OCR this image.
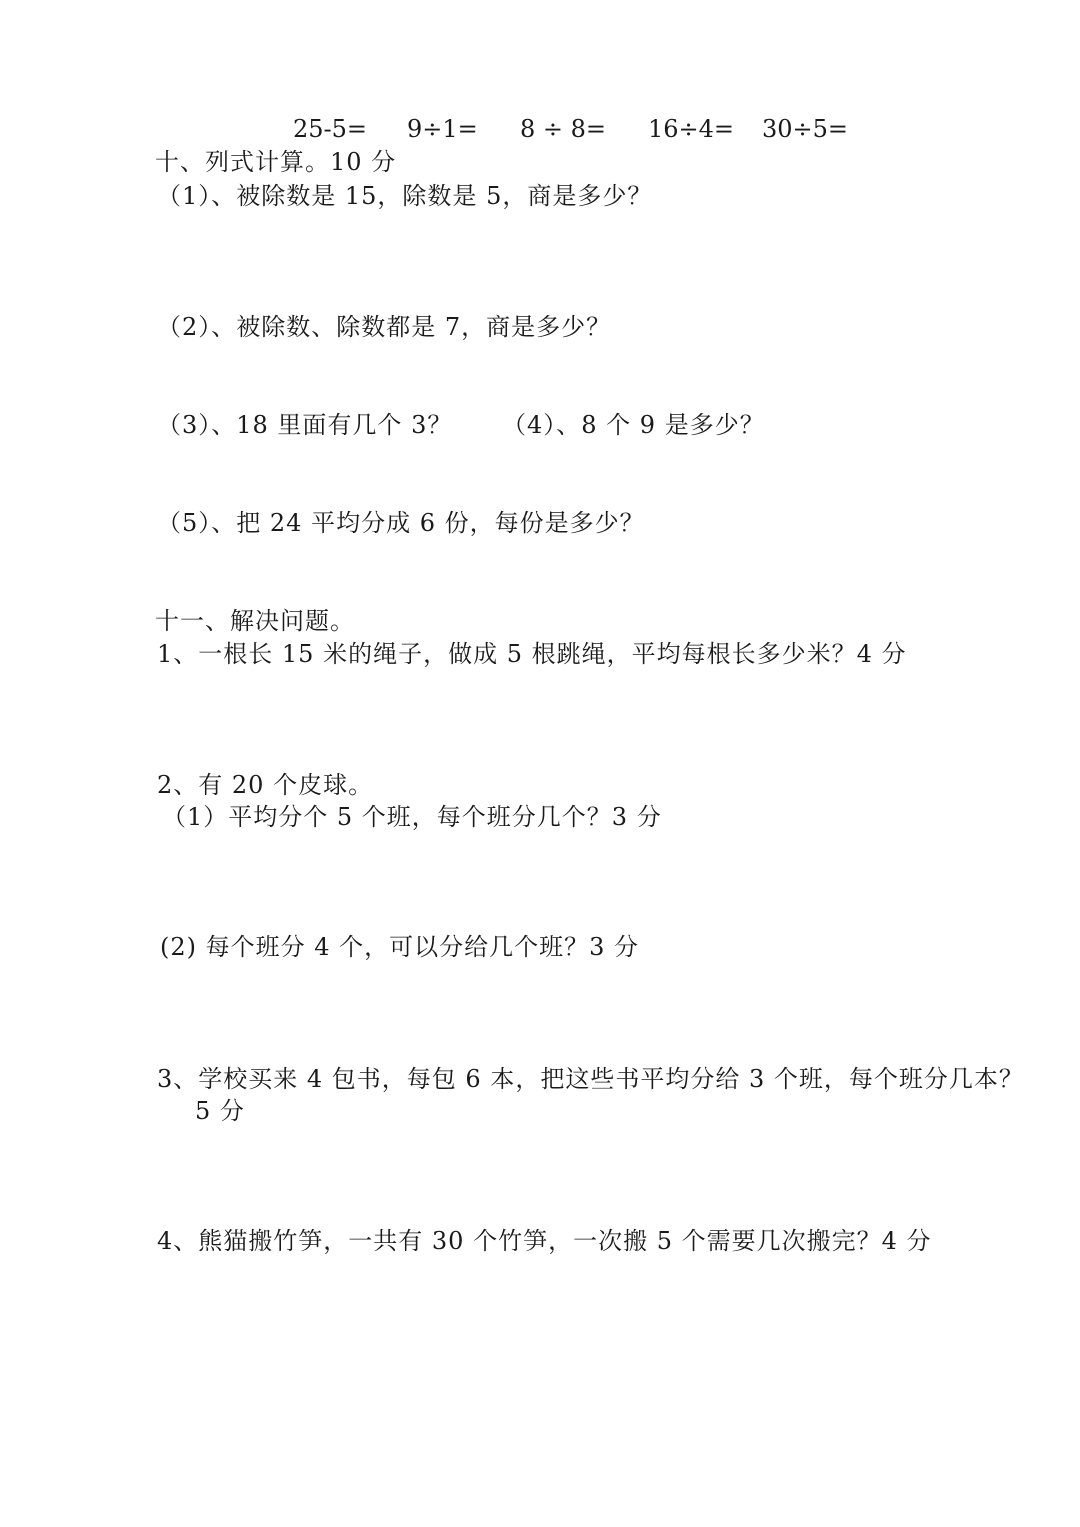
25-5= 9÷1= 8 ÷ 8= 16÷4= 30÷5=
十、列式计算。10 分
（1）、被除数是 15，除数是 5，商是多少？
（2）、被除数、除数都是 7，商是多少？
（3）、18 里面有几个 3？ （4）、8 个 9 是多少？
（5）、把 24 平均分成 6 份，每份是多少？
十一、解决问题。
1、一根长 15 米的绳子，做成 5 根跳绳，平均每根长多少米？4 分
2、有 20 个皮球。
（1）平均分个 5 个班，每个班分几个？3 分
(2) 每个班分 4 个，可以分给几个班？3 分
3、学校买来 4 包书，每包 6 本，把这些书平均分给 3 个班，每个班分几本？
5 分
4、熊猫搬竹笋，一共有 30 个竹笋，一次搬 5 个需要几次搬完？4 分
